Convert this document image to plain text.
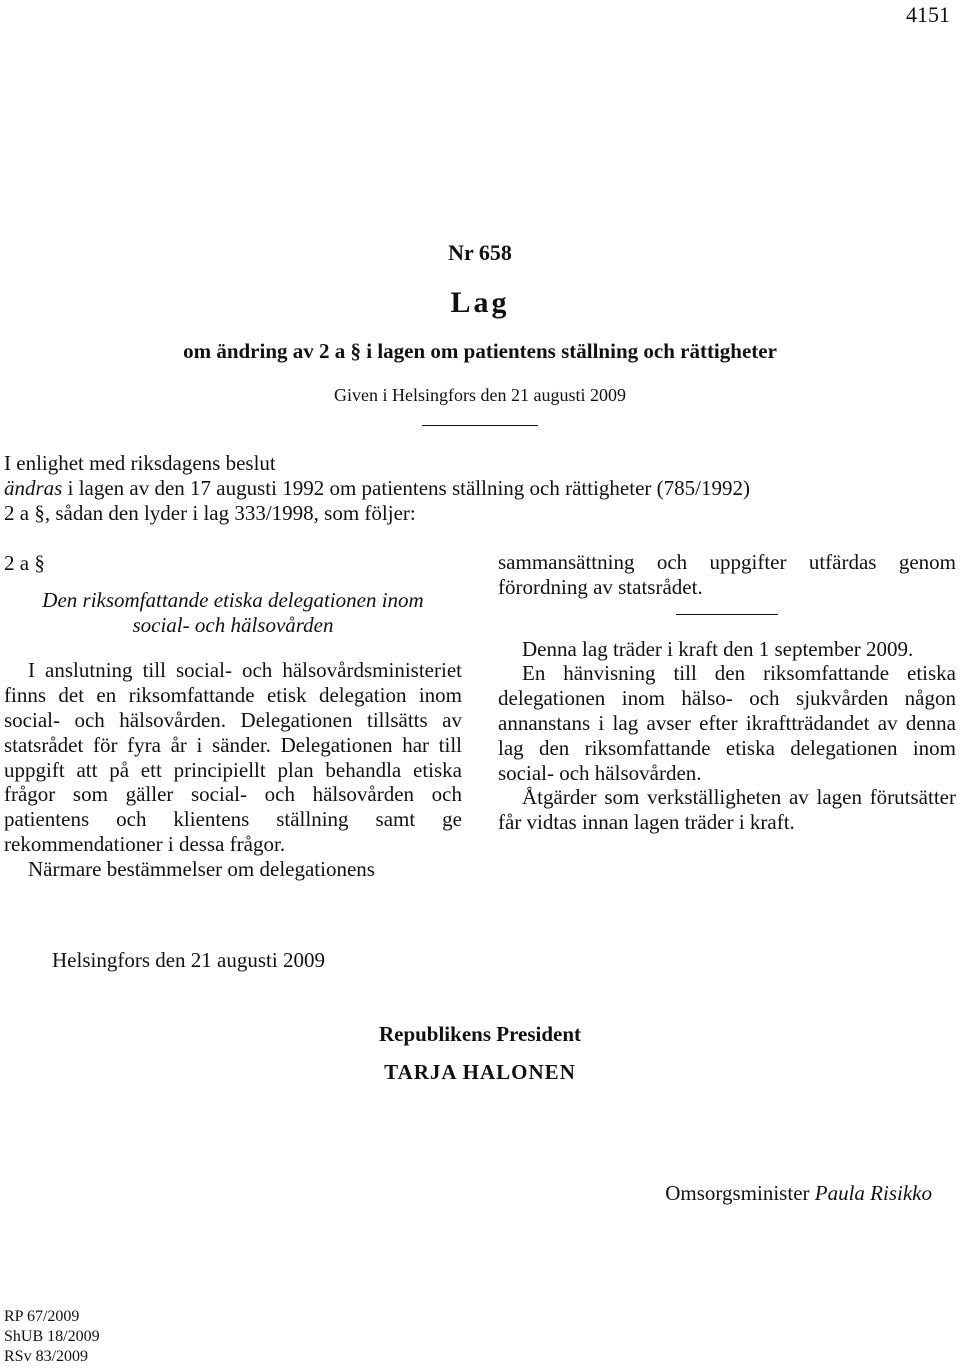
4151
Nr 658
Lag
om ändring av 2 a § i lagen om patientens ställning och rättigheter
Given i Helsingfors den 21 augusti 2009

I enlighet med riksdagens beslut

ändras i lagen av den 17 augusti 1992 om patientens ställning och rättigheter (785/1992)

2 a §, sådan den lyder i lag 333/1998, som följer:

2 a §

Den riksomfattande etiska delegationen inom
social- och hälsovården

I anslutning till social- och hälsovårdsministeriet finns det en riksomfattande etisk delegation inom social- och hälsovården. Delegationen tillsätts av statsrådet för fyra år i sänder. Delegationen har till uppgift att på ett principiellt plan behandla etiska frågor som gäller social- och hälsovården och patientens och klientens ställning samt ge rekommendationer i dessa frågor.

Närmare bestämmelser om delegationens

sammansättning och uppgifter utfärdas genom förordning av statsrådet.

Denna lag träder i kraft den 1 september 2009.

En hänvisning till den riksomfattande etiska delegationen inom hälso- och sjukvården någon annanstans i lag avser efter ikraftträdandet av denna lag den riksomfattande etiska delegationen inom social- och hälsovården.

Åtgärder som verkställigheten av lagen förutsätter får vidtas innan lagen träder i kraft.

Helsingfors den 21 augusti 2009
Republikens President
TARJA HALONEN
Omsorgsminister Paula Risikko
RP 67/2009
ShUB 18/2009
RSv 83/2009
